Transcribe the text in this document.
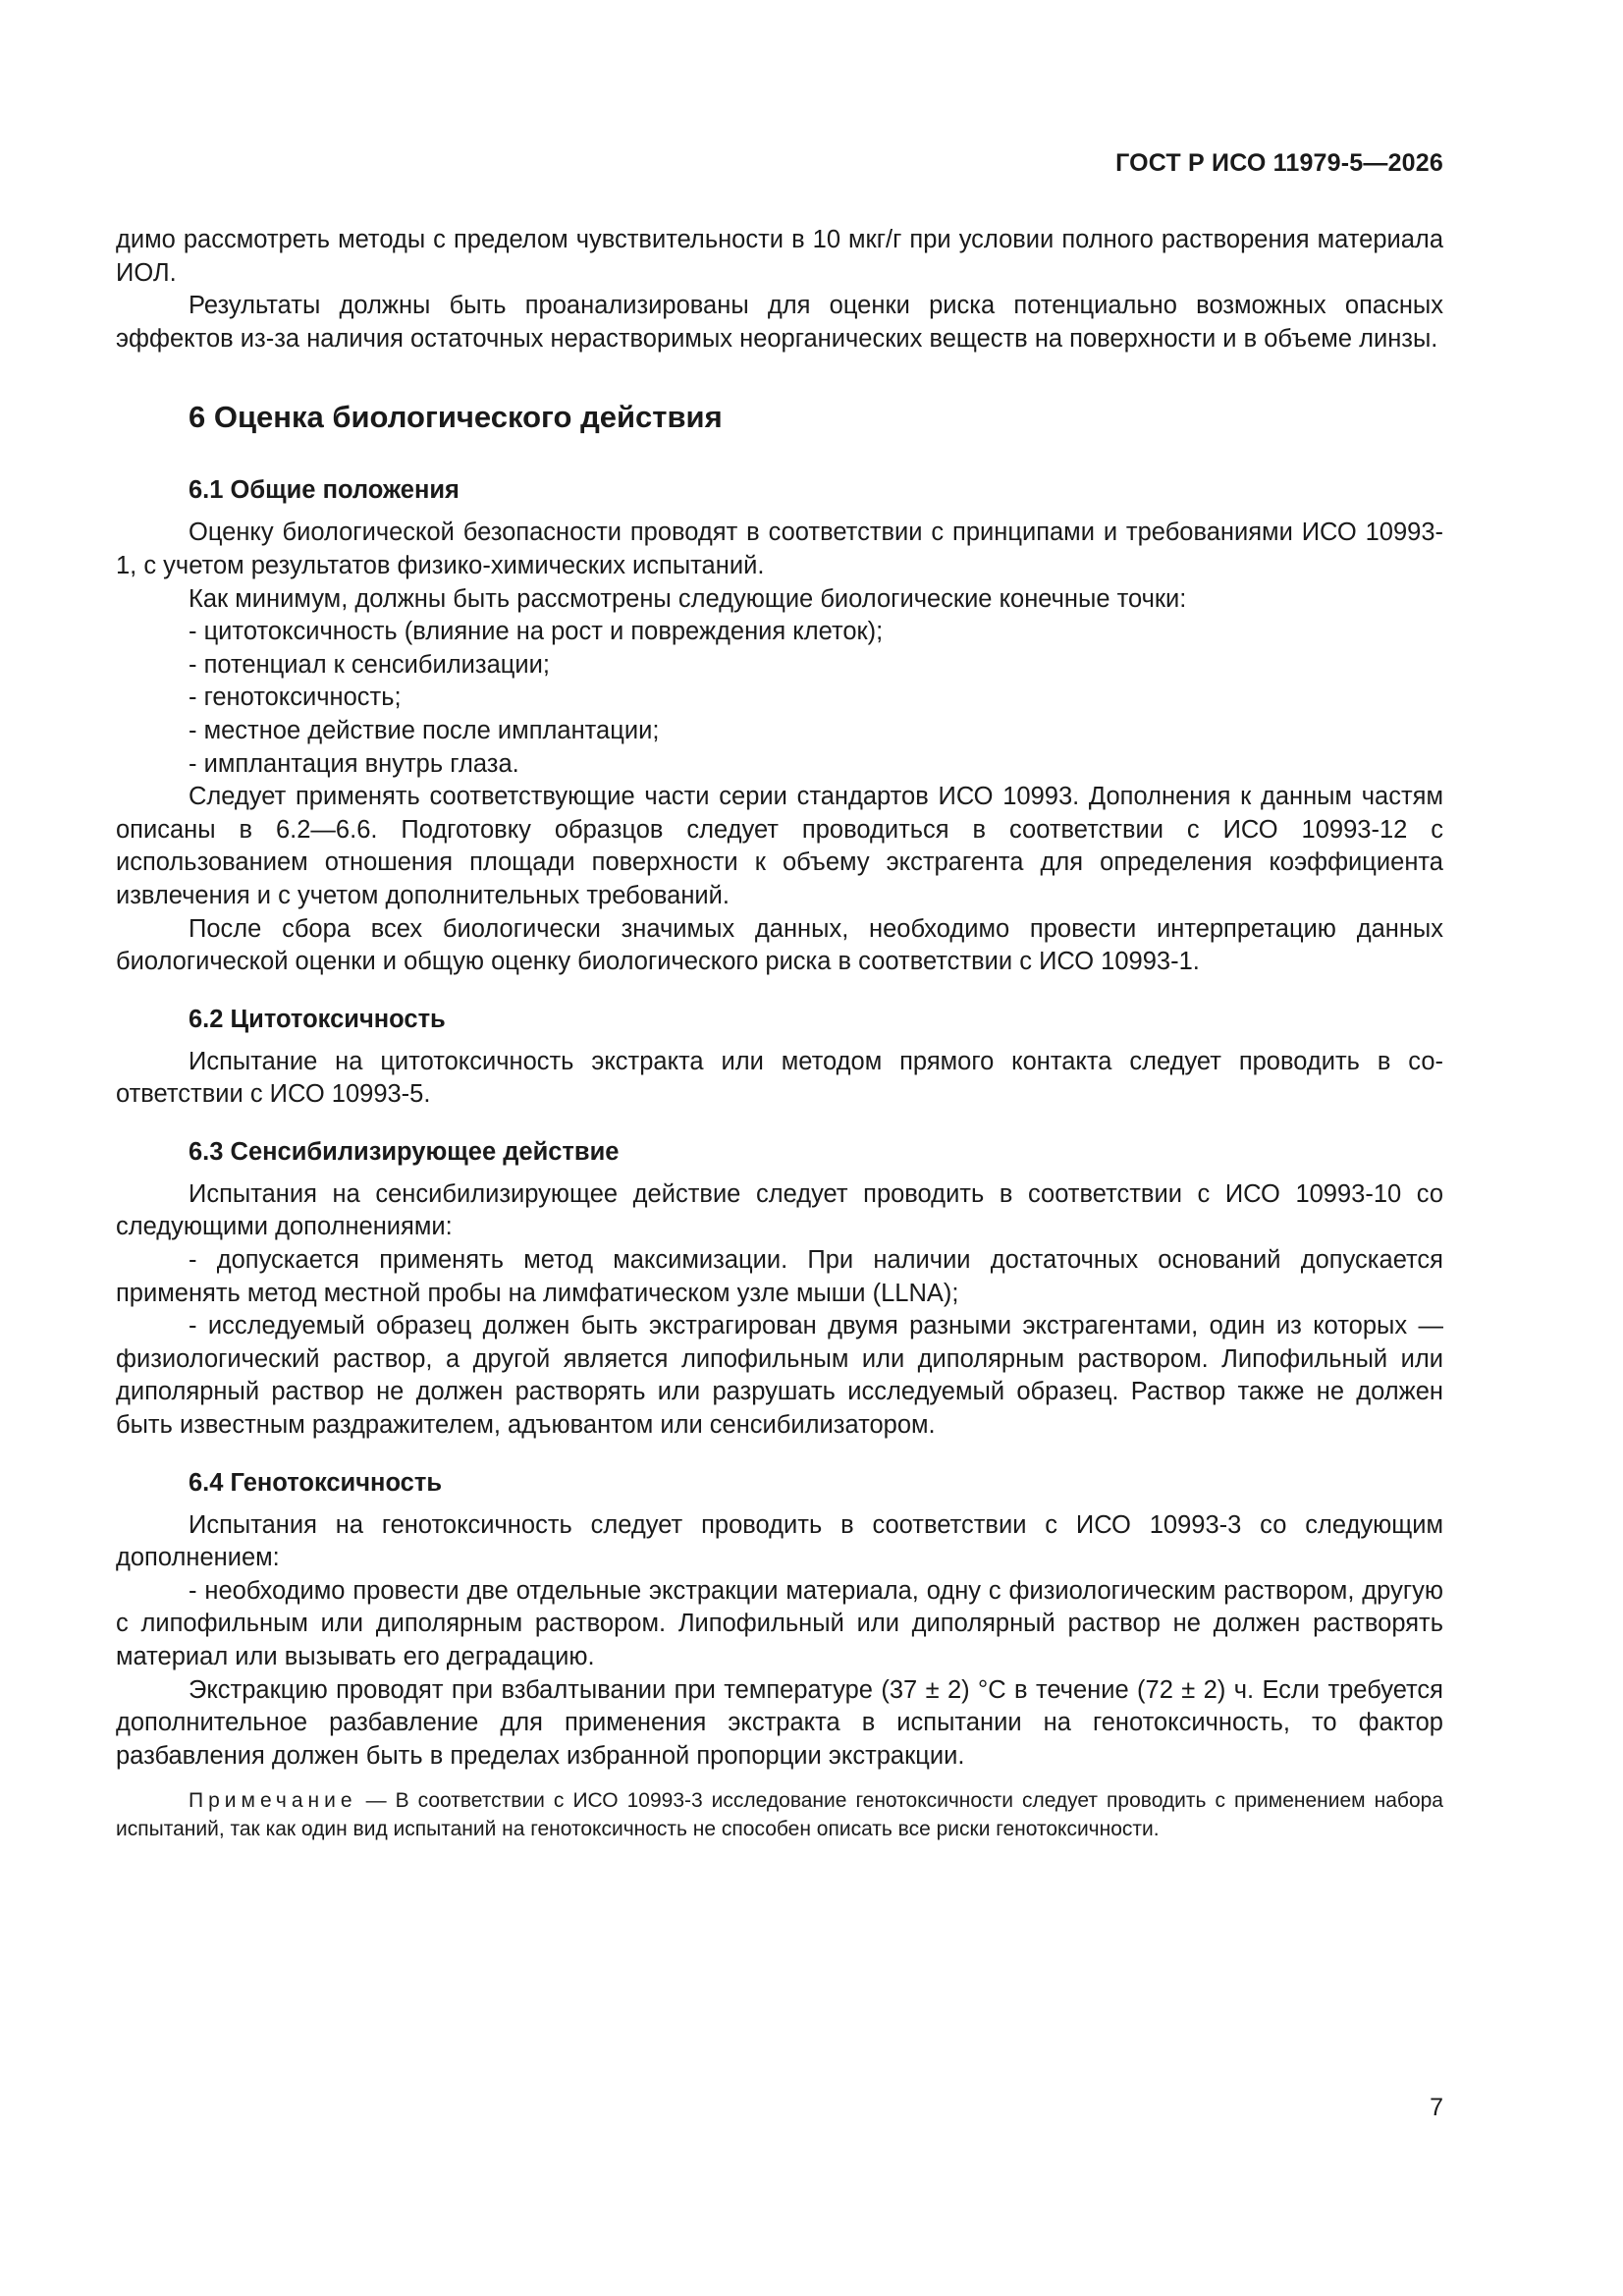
ГОСТ Р ИСО 11979-5—2026

димо рассмотреть методы с пределом чувствительности в 10 мкг/г при условии полного растворения материала ИОЛ.

Результаты должны быть проанализированы для оценки риска потенциально возможных опасных эффектов из-за наличия остаточных нерастворимых неорганических веществ на поверхности и в объеме линзы.

6 Оценка биологического действия
6.1 Общие положения

Оценку биологической безопасности проводят в соответствии с принципами и требованиями ИСО 10993-1, с учетом результатов физико-химических испытаний.

Как минимум, должны быть рассмотрены следующие биологические конечные точки:

- цитотоксичность (влияние на рост и повреждения клеток);

- потенциал к сенсибилизации;

- генотоксичность;

- местное действие после имплантации;

- имплантация внутрь глаза.

Следует применять соответствующие части серии стандартов ИСО 10993. Дополнения к данным частям описаны в 6.2—6.6. Подготовку образцов следует проводиться в соответствии с ИСО 10993-12 с использованием отношения площади поверхности к объему экстрагента для определения коэффициента извлечения и с учетом дополнительных требований.

После сбора всех биологически значимых данных, необходимо провести интерпретацию данных биологической оценки и общую оценку биологического риска в соответствии с ИСО 10993-1.

6.2 Цитотоксичность

Испытание на цитотоксичность экстракта или методом прямого контакта следует проводить в соответствии с ИСО 10993-5.

6.3 Сенсибилизирующее действие

Испытания на сенсибилизирующее действие следует проводить в соответствии с ИСО 10993-10 со следующими дополнениями:

- допускается применять метод максимизации. При наличии достаточных оснований допускается применять метод местной пробы на лимфатическом узле мыши (LLNA);

- исследуемый образец должен быть экстрагирован двумя разными экстрагентами, один из которых — физиологический раствор, а другой является липофильным или диполярным раствором. Липофильный или диполярный раствор не должен растворять или разрушать исследуемый образец. Раствор также не должен быть известным раздражителем, адъювантом или сенсибилизатором.

6.4 Генотоксичность

Испытания на генотоксичность следует проводить в соответствии с ИСО 10993-3 со следующим дополнением:

- необходимо провести две отдельные экстракции материала, одну с физиологическим раствором, другую с липофильным или диполярным раствором. Липофильный или диполярный раствор не должен растворять материал или вызывать его деградацию.

Экстракцию проводят при взбалтывании при температуре (37 ± 2) °С в течение (72 ± 2) ч. Если требуется дополнительное разбавление для применения экстракта в испытании на генотоксичность, то фактор разбавления должен быть в пределах избранной пропорции экстракции.

Примечание — В соответствии с ИСО 10993-3 исследование генотоксичности следует проводить с применением набора испытаний, так как один вид испытаний на генотоксичность не способен описать все риски генотоксичности.

7
